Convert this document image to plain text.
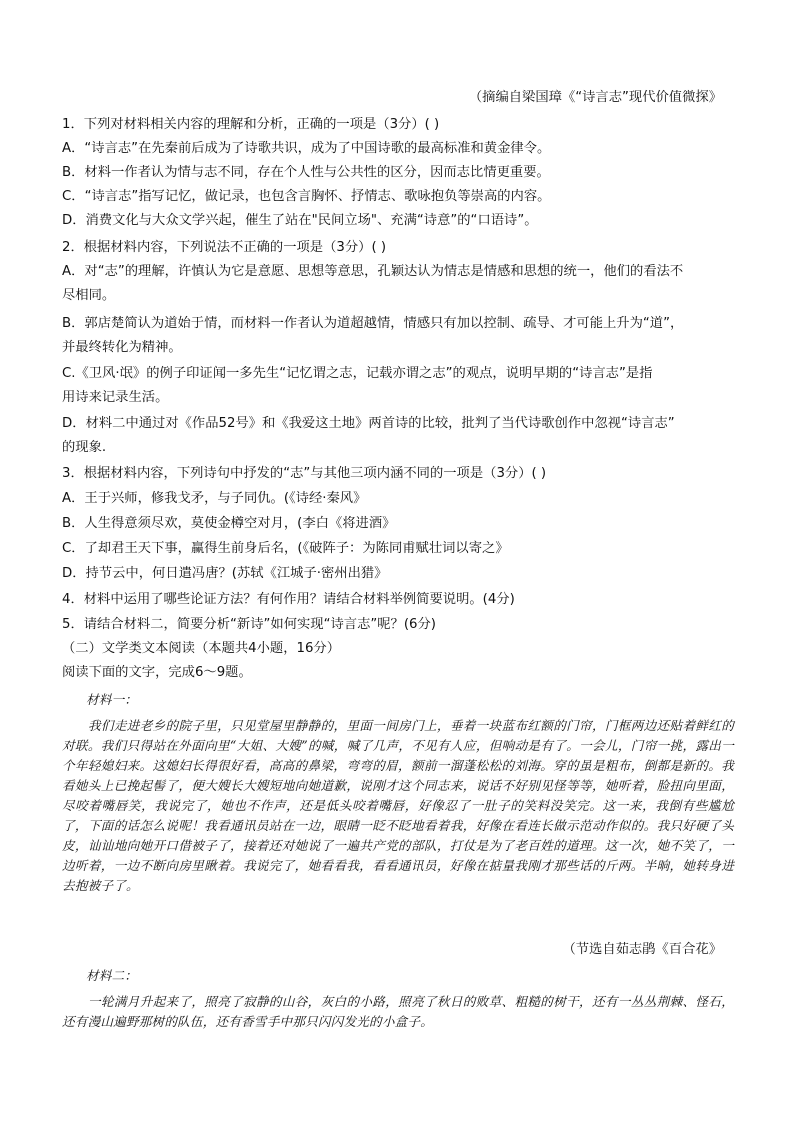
（摘编自梁国璋《“诗言志”现代价值微探》
1．下列对材料相关内容的理解和分析，正确的一项是（3分）( )
A．“诗言志”在先秦前后成为了诗歌共识，成为了中国诗歌的最高标准和黄金律令。
B．材料一作者认为情与志不同，存在个人性与公共性的区分，因而志比情更重要。
C．“诗言志”指写记忆，做记录，也包含言胸怀、抒情志、歌咏抱负等崇高的内容。
D．消费文化与大众文学兴起，催生了站在"民间立场"、充满“诗意”的“口语诗”。
2．根据材料内容，下列说法不正确的一项是（3分）( )
A．对“志”的理解，许慎认为它是意愿、思想等意思，孔颖达认为情志是情感和思想的统一，他们的看法不
尽相同。
B．郭店楚简认为道始于情，而材料一作者认为道超越情，情感只有加以控制、疏导、才可能上升为“道”，
并最终转化为精神。
C.《卫风·氓》的例子印证闻一多先生“记忆谓之志，记载亦谓之志”的观点，说明早期的“诗言志”是指
用诗来记录生活。
D．材料二中通过对《作品52号》和《我爱这土地》两首诗的比较，批判了当代诗歌创作中忽视“诗言志”
的现象.
3．根据材料内容，下列诗句中抒发的“志”与其他三项内涵不同的一项是（3分）( )
A．王于兴师，修我戈矛，与子同仇。(《诗经·秦风》
B．人生得意须尽欢，莫使金樽空对月，(李白《将进酒》
C．了却君王天下事，赢得生前身后名，(《破阵子：为陈同甫赋壮词以寄之》
D．持节云中，何日遣冯唐？(苏轼《江城子·密州出猎》
4．材料中运用了哪些论证方法？有何作用？请结合材料举例简要说明。(4分)
5．请结合材料二，简要分析“新诗”如何实现“诗言志”呢？(6分)
（二）文学类文本阅读（本题共4小题，16分）
阅读下面的文字，完成6～9题。
材料一：
我们走进老乡的院子里，只见堂屋里静静的，里面一间房门上，垂着一块蓝布红额的门帘，门框两边还贴着鲜红的对联。我们只得站在外面向里“大姐、大嫂”的喊，喊了几声，不见有人应，但响动是有了。一会儿，门帘一挑，露出一个年轻媳妇来。这媳妇长得很好看，高高的鼻梁，弯弯的眉，额前一溜蓬松松的刘海。穿的虽是粗布，倒都是新的。我看她头上已挽起髻了，便大嫂长大嫂短地向她道歉，说刚才这个同志来，说话不好别见怪等等，她听着，脸扭向里面，尽咬着嘴唇笑，我说完了，她也不作声，还是低头咬着嘴唇，好像忍了一肚子的笑料没笑完。这一来，我倒有些尴尬了，下面的话怎么说呢！我看通讯员站在一边，眼睛一眨不眨地看着我，好像在看连长做示范动作似的。我只好硬了头皮，讪讪地向她开口借被子了，接着还对她说了一遍共产党的部队，打仗是为了老百姓的道理。这一次，她不笑了，一边听着，一边不断向房里瞅着。我说完了，她看看我，看看通讯员，好像在掂量我刚才那些话的斤两。半晌，她转身进去抱被子了。
（节选自茹志鹃《百合花》
材料二：
一轮满月升起来了，照亮了寂静的山谷，灰白的小路，照亮了秋日的败草、粗糙的树干，还有一丛丛荆棘、怪石，还有漫山遍野那树的队伍，还有香雪手中那只闪闪发光的小盒子。
